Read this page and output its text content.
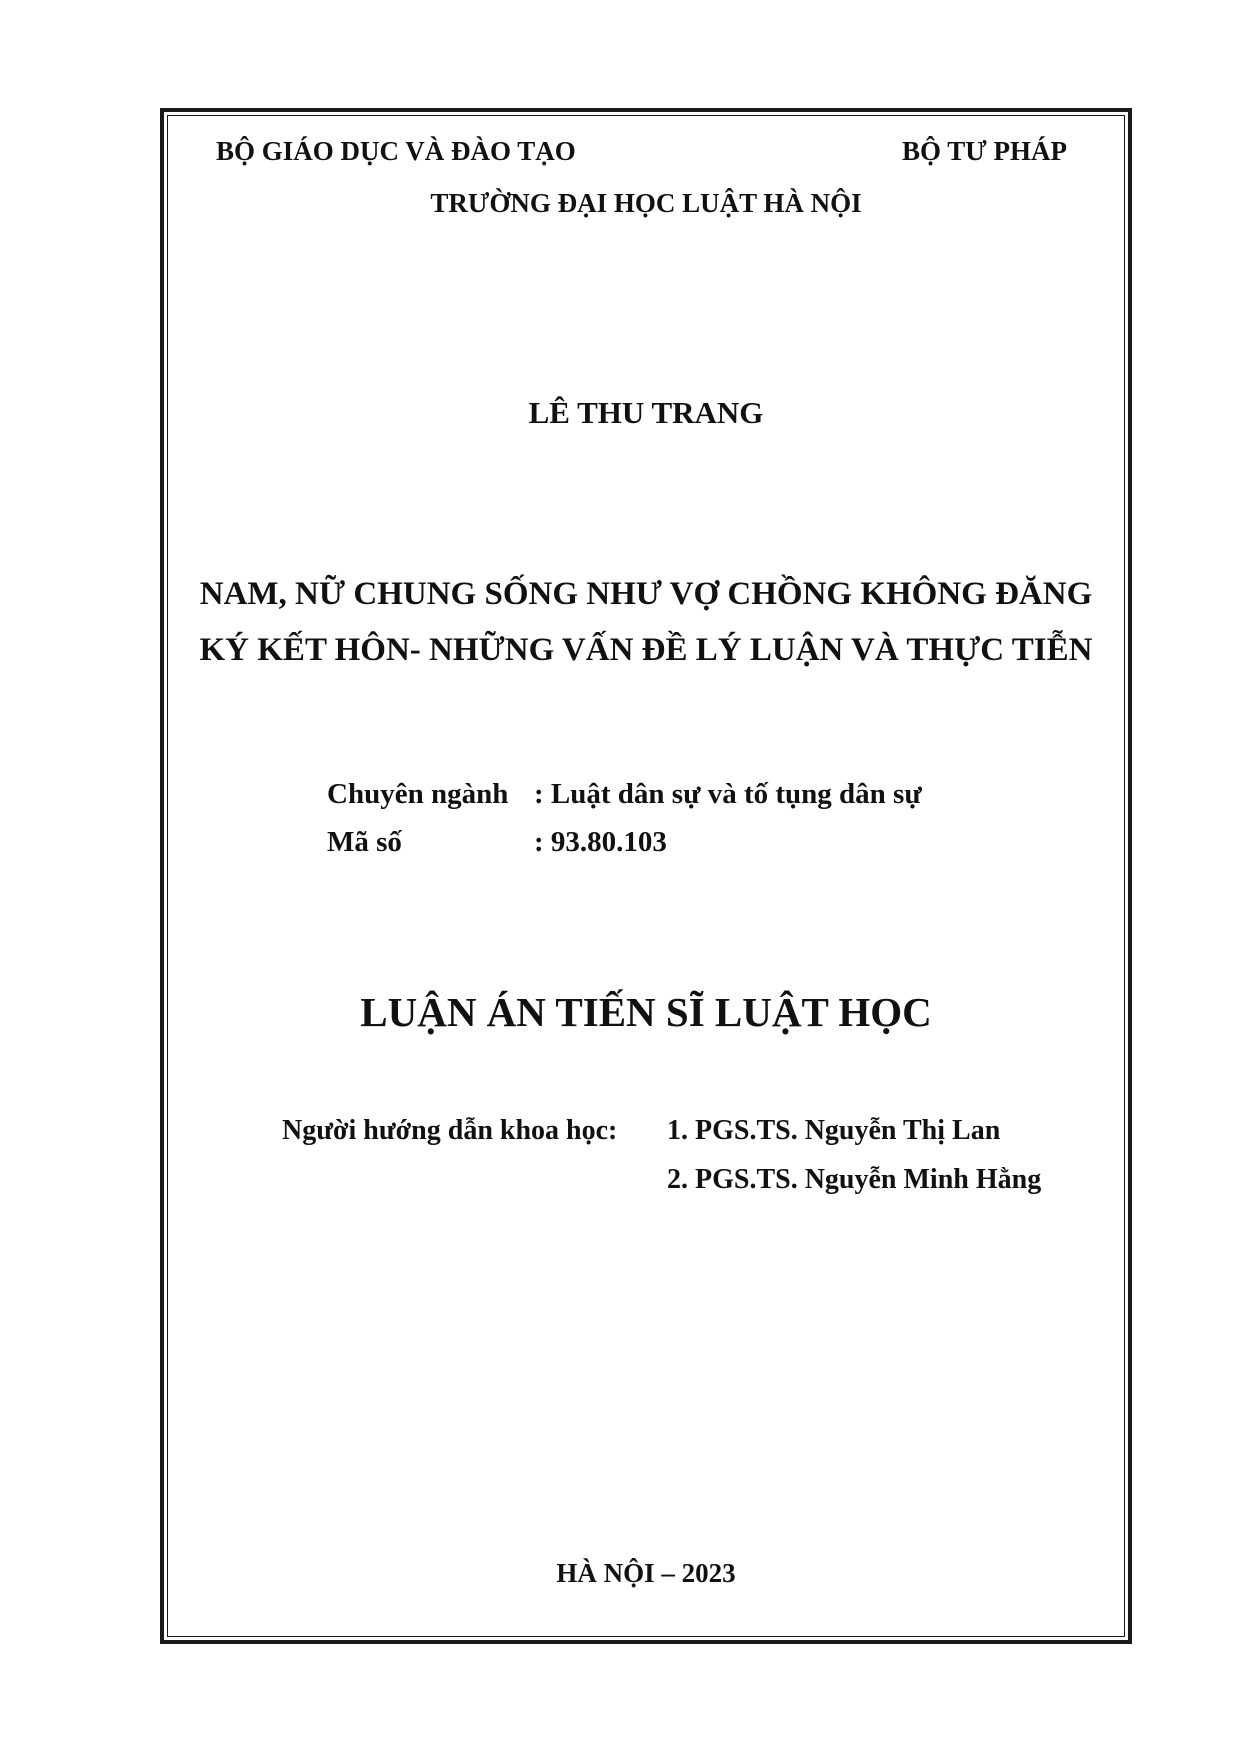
BỘ GIÁO DỤC VÀ ĐÀO TẠO	BỘ TƯ PHÁP
TRƯỜNG ĐẠI HỌC LUẬT HÀ NỘI
LÊ THU TRANG
NAM, NỮ CHUNG SỐNG NHƯ VỢ CHỒNG KHÔNG ĐĂNG
KÝ KẾT HÔN- NHỮNG VẤN ĐỀ LÝ LUẬN VÀ THỰC TIỄN
Chuyên ngành : Luật dân sự và tố tụng dân sự
Mã số	: 93.80.103
LUẬN ÁN TIẾN SĨ LUẬT HỌC
Người hướng dẫn khoa học: 1. PGS.TS. Nguyễn Thị Lan
2. PGS.TS. Nguyễn Minh Hằng
HÀ NỘI – 2023
